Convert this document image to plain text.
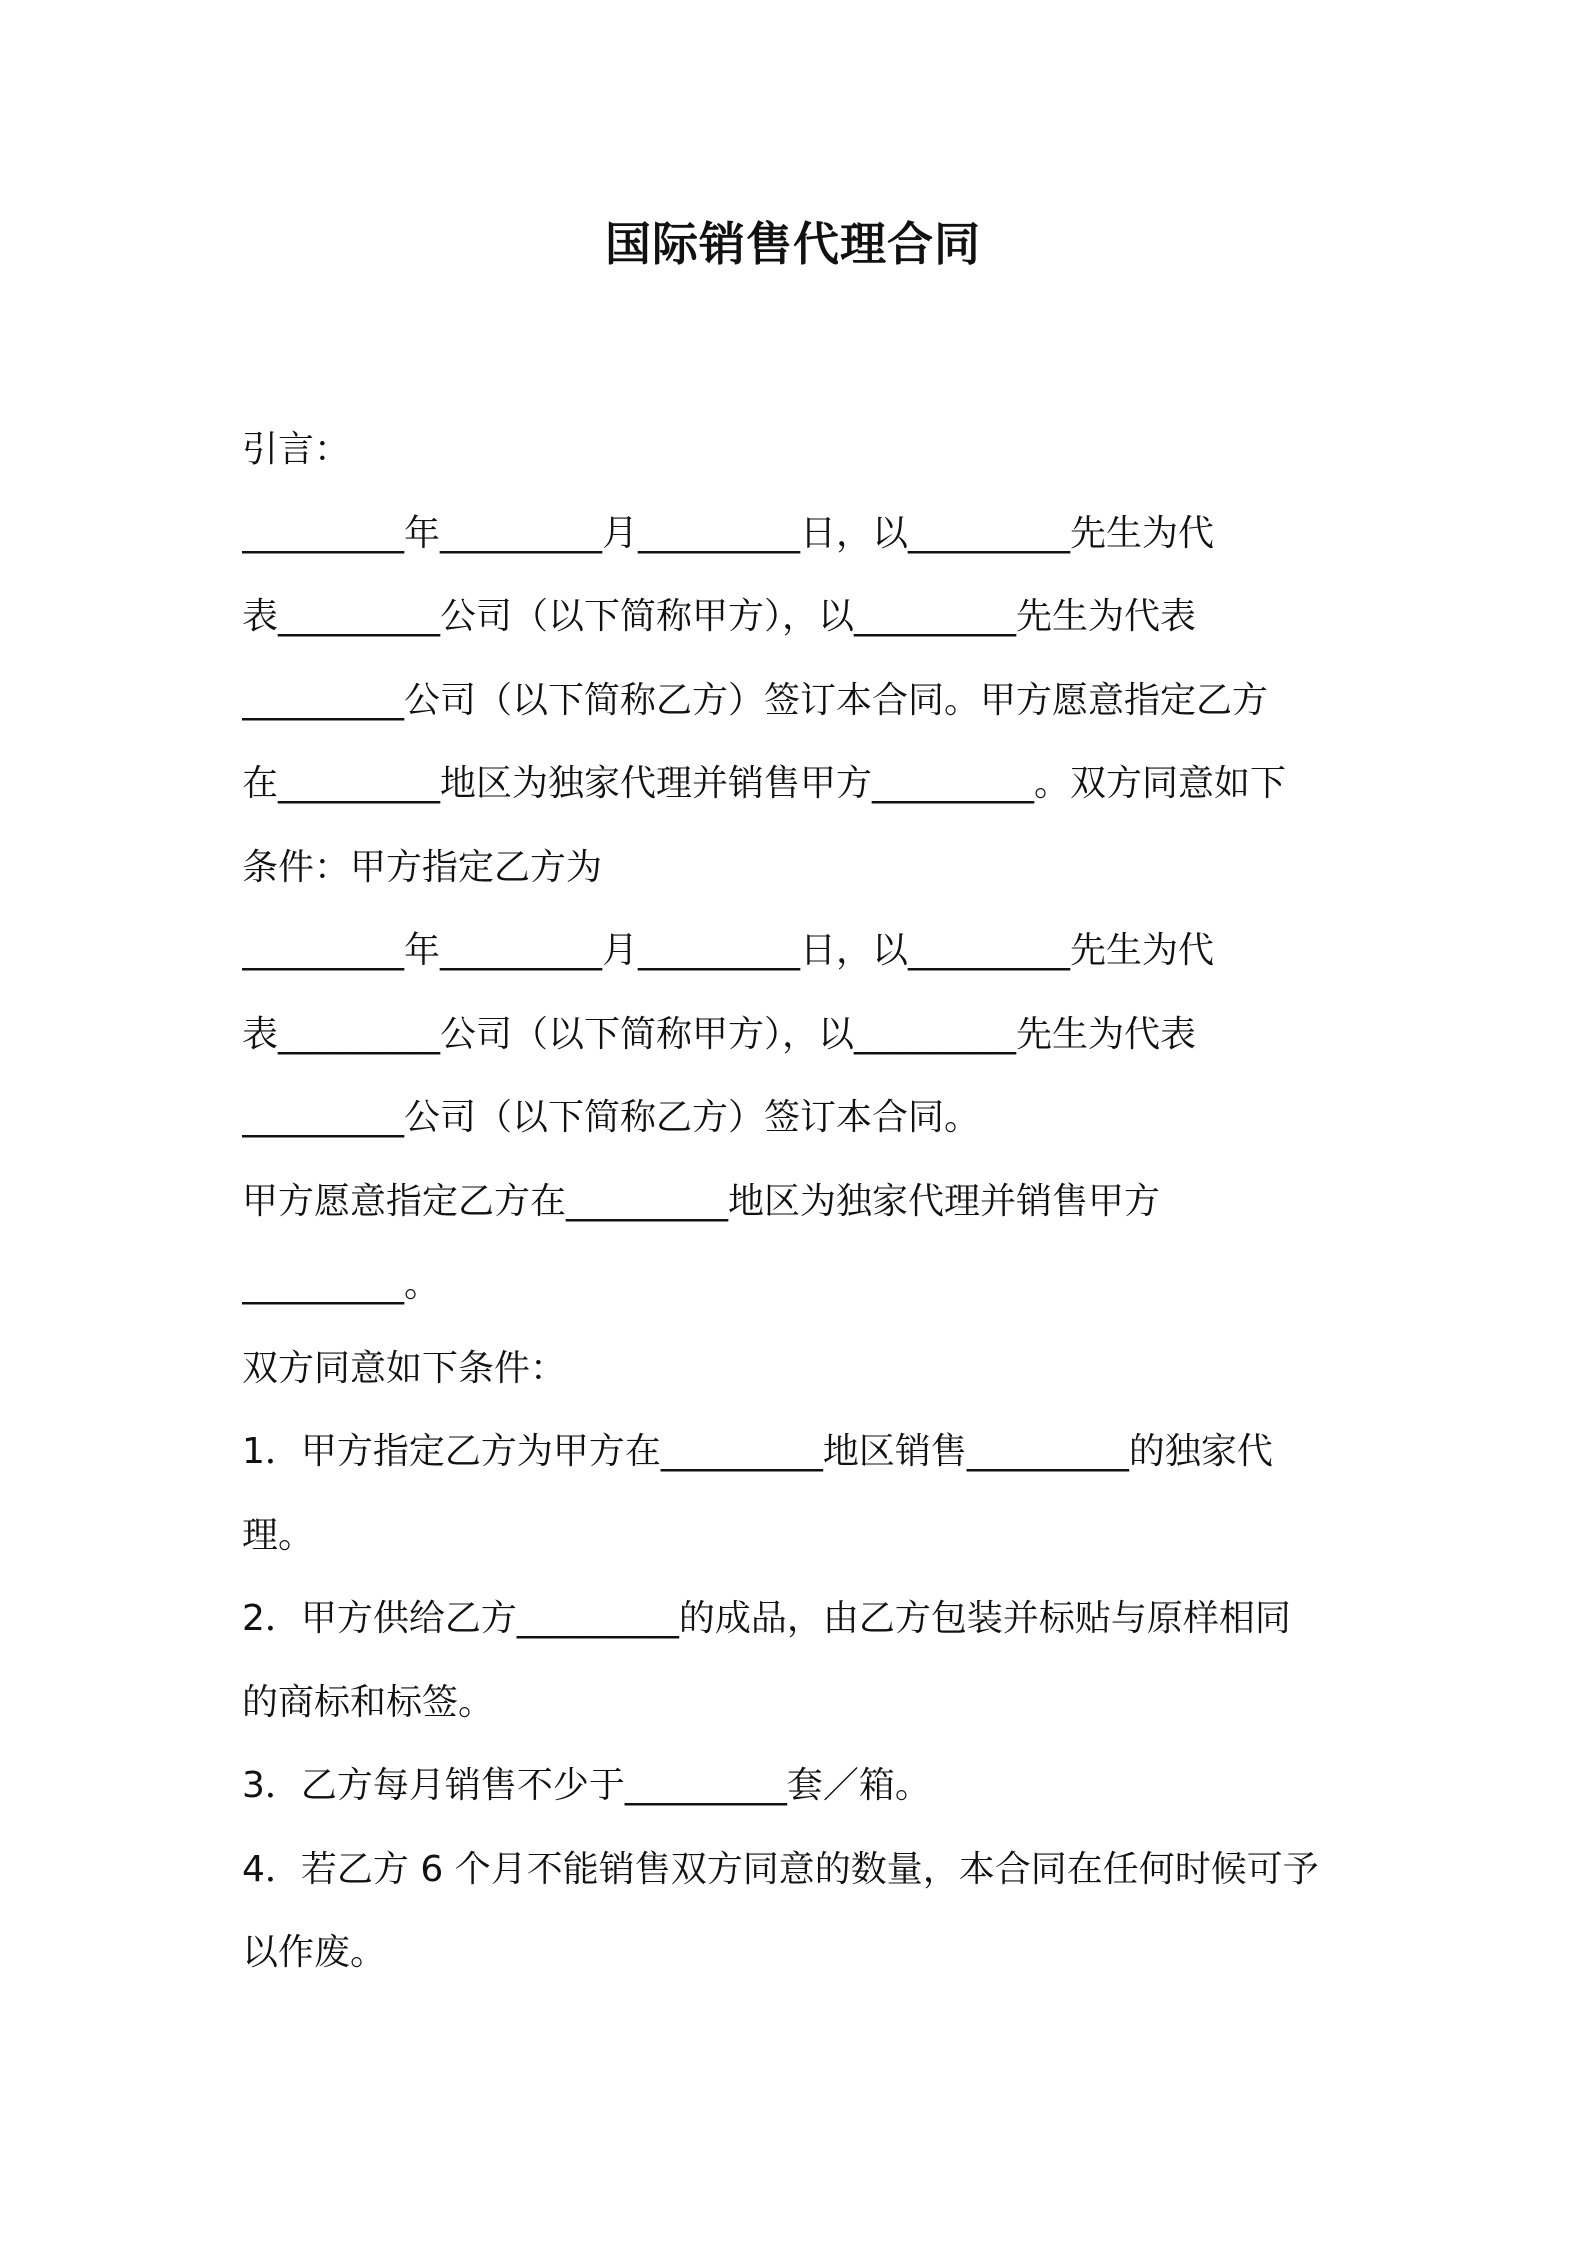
国际销售代理合同
引言：
_________年_________月_________日，以_________先生为代
表_________公司（以下简称甲方），以_________先生为代表
_________公司（以下简称乙方）签订本合同。甲方愿意指定乙方
在_________地区为独家代理并销售甲方_________。双方同意如下
条件：甲方指定乙方为
_________年_________月_________日，以_________先生为代
表_________公司（以下简称甲方），以_________先生为代表
_________公司（以下简称乙方）签订本合同。
甲方愿意指定乙方在_________地区为独家代理并销售甲方
_________。
双方同意如下条件：
1．甲方指定乙方为甲方在_________地区销售_________的独家代
理。
2．甲方供给乙方_________的成品，由乙方包装并标贴与原样相同
的商标和标签。
3．乙方每月销售不少于_________套／箱。
4．若乙方 6 个月不能销售双方同意的数量，本合同在任何时候可予
以作废。
